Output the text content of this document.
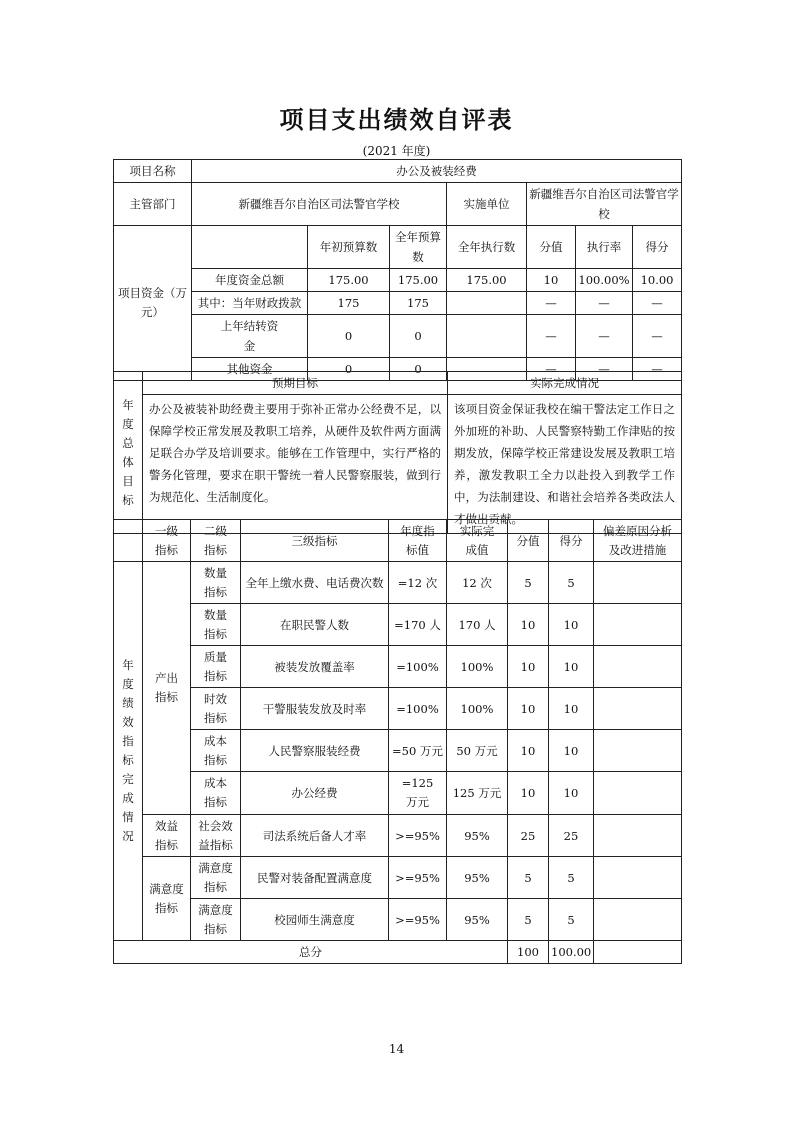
项目支出绩效自评表
(2021 年度)
项目名称	办公及被装经费						
主管部门	新疆维吾尔自治区司法警官学校			实施单位	新疆维吾尔自治区司法警官学校		
项目资金（万元）		年初预算数	全年预算数	全年执行数	分值	执行率	得分
	年度资金总额	175.00	175.00	175.00	10	100.00%	10.00
	其中：当年财政拨款	175	175		—	—	—
	上年结转资金	0	0		—	—	—
	其他资金	0	0		—	—	—
年度总体目标	预期目标	实际完成情况
	办公及被装补助经费主要用于弥补正常办公经费不足，以保障学校正常发展及教职工培养，从硬件及软件两方面满足联合办学及培训要求。能够在工作管理中，实行严格的警务化管理，要求在职干警统一着人民警察服装，做到行为规范化、生活制度化。	该项目资金保证我校在编干警法定工作日之外加班的补助、人民警察特勤工作津贴的按期发放，保障学校正常建设发展及教职工培养，激发教职工全力以赴投入到教学工作中，为法制建设、和谐社会培养各类政法人才做出贡献。
	一级指标	二级指标	三级指标	年度指标值	实际完成值	分值	得分	偏差原因分析及改进措施
年度绩效指标完成情况	产出指标	数量指标	全年上缴水费、电话费次数	=12 次	12 次	5	5	
		数量指标	在职民警人数	=170 人	170 人	10	10	
		质量指标	被装发放覆盖率	=100%	100%	10	10	
		时效指标	干警服装发放及时率	=100%	100%	10	10	
		成本指标	人民警察服装经费	=50 万元	50 万元	10	10	
		成本指标	办公经费	=125 万元	125 万元	10	10	
	效益指标	社会效益指标	司法系统后备人才率	>=95%	95%	25	25	
	满意度指标	满意度指标	民警对装备配置满意度	>=95%	95%	5	5	
		满意度指标	校园师生满意度	>=95%	95%	5	5	
总分						100	100.00	
14
